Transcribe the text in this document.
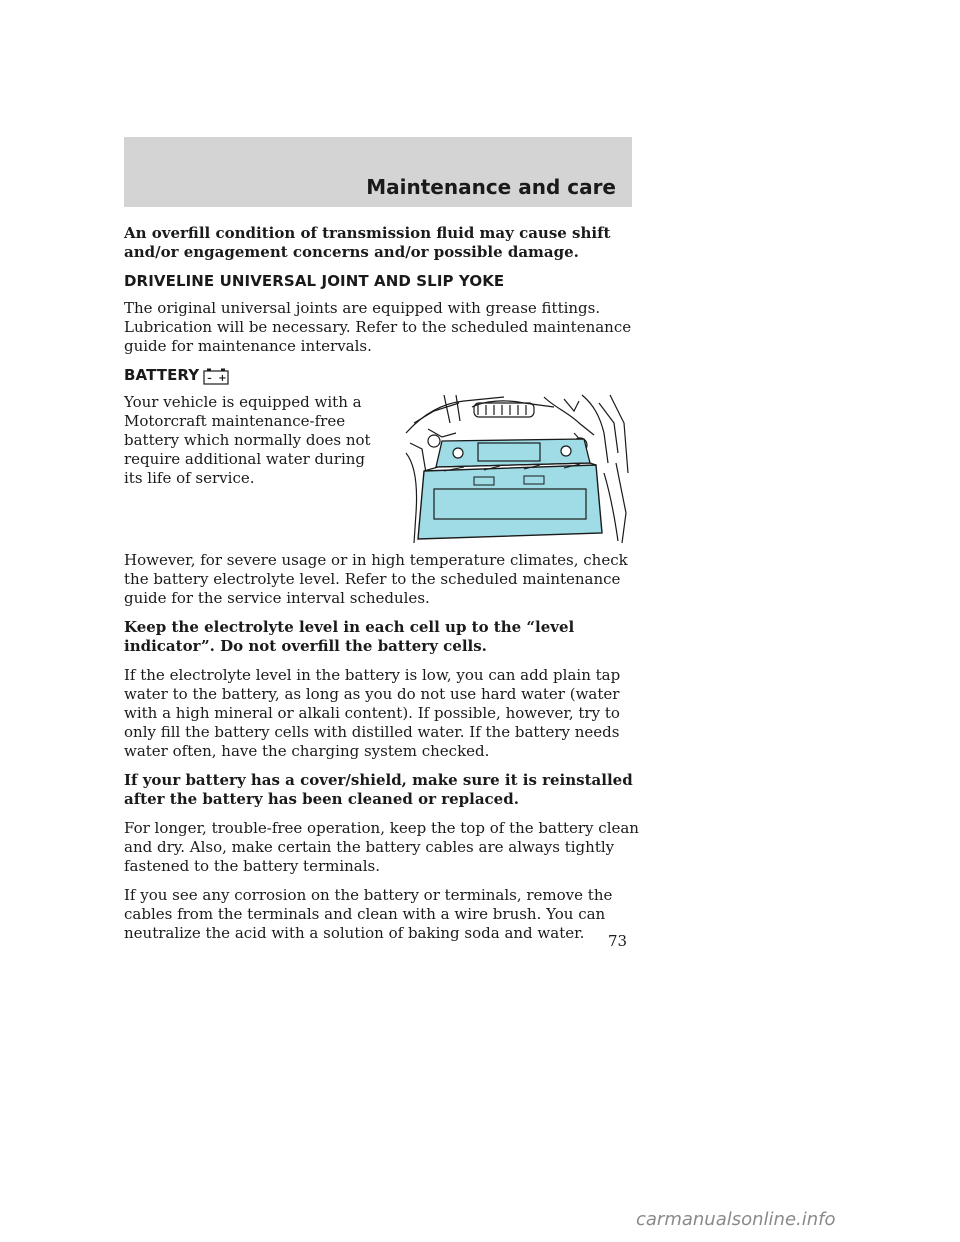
Maintenance and care

An overfill condition of transmission fluid may cause shift and/or engagement concerns and/or possible damage.

DRIVELINE UNIVERSAL JOINT AND SLIP YOKE

The original universal joints are equipped with grease fittings. Lubrication will be necessary. Refer to the scheduled maintenance guide for maintenance intervals.

BATTERY – +

Your vehicle is equipped with a Motorcraft maintenance-free battery which normally does not require additional water during its life of service.

However, for severe usage or in high temperature climates, check the battery electrolyte level. Refer to the scheduled maintenance guide for the service interval schedules.

Keep the electrolyte level in each cell up to the “level indicator”. Do not overfill the battery cells.

If the electrolyte level in the battery is low, you can add plain tap water to the battery, as long as you do not use hard water (water with a high mineral or alkali content). If possible, however, try to only fill the battery cells with distilled water. If the battery needs water often, have the charging system checked.

If your battery has a cover/shield, make sure it is reinstalled after the battery has been cleaned or replaced.

For longer, trouble-free operation, keep the top of the battery clean and dry. Also, make certain the battery cables are always tightly fastened to the battery terminals.

If you see any corrosion on the battery or terminals, remove the cables from the terminals and clean with a wire brush. You can neutralize the acid with a solution of baking soda and water.	73
carmanualsonline.info
